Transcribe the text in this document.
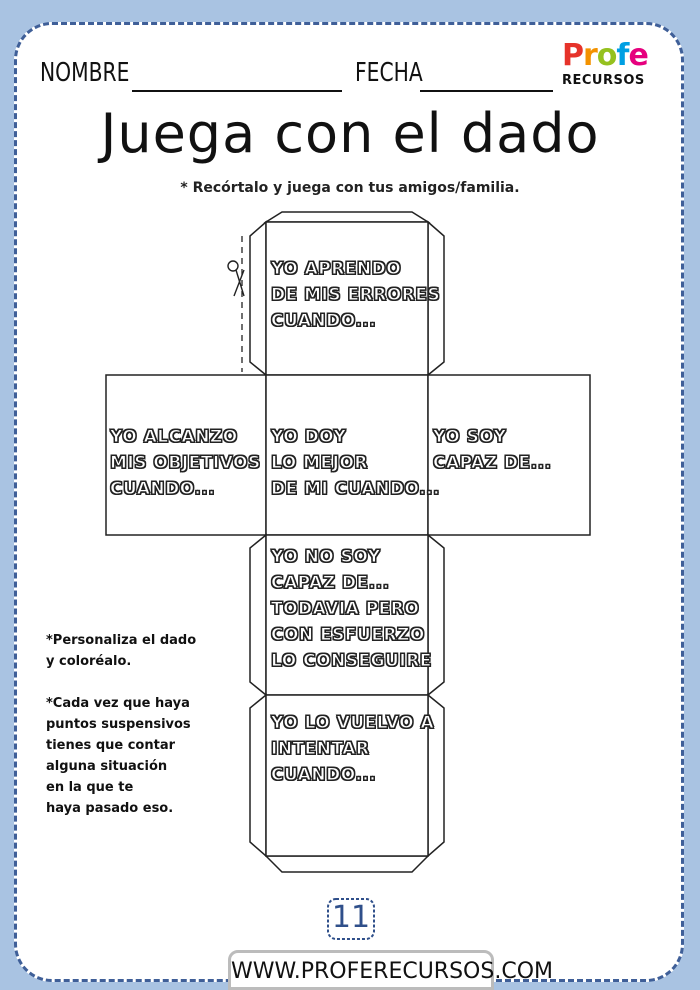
NOMBRE	FECHA	Profe
RECURSOS
Juega con el dado
* Recórtalo y juega con tus amigos/familia.
YO APRENDO
DE MIS ERRORES
CUANDO...
YO ALCANZO
MIS OBJETIVOS
CUANDO...
YO DOY
LO MEJOR
DE MI CUANDO...
YO SOY
CAPAZ DE...
YO NO SOY
CAPAZ DE...
TODAVIA PERO
CON ESFUERZO
LO CONSEGUIRE
YO LO VUELVO A
INTENTAR
CUANDO...
*Personaliza el dado
y coloréalo.
*Cada vez que haya
puntos suspensivos
tienes que contar
alguna situación
en la que te
haya pasado eso.
11
WWW.PROFERECURSOS.COM
